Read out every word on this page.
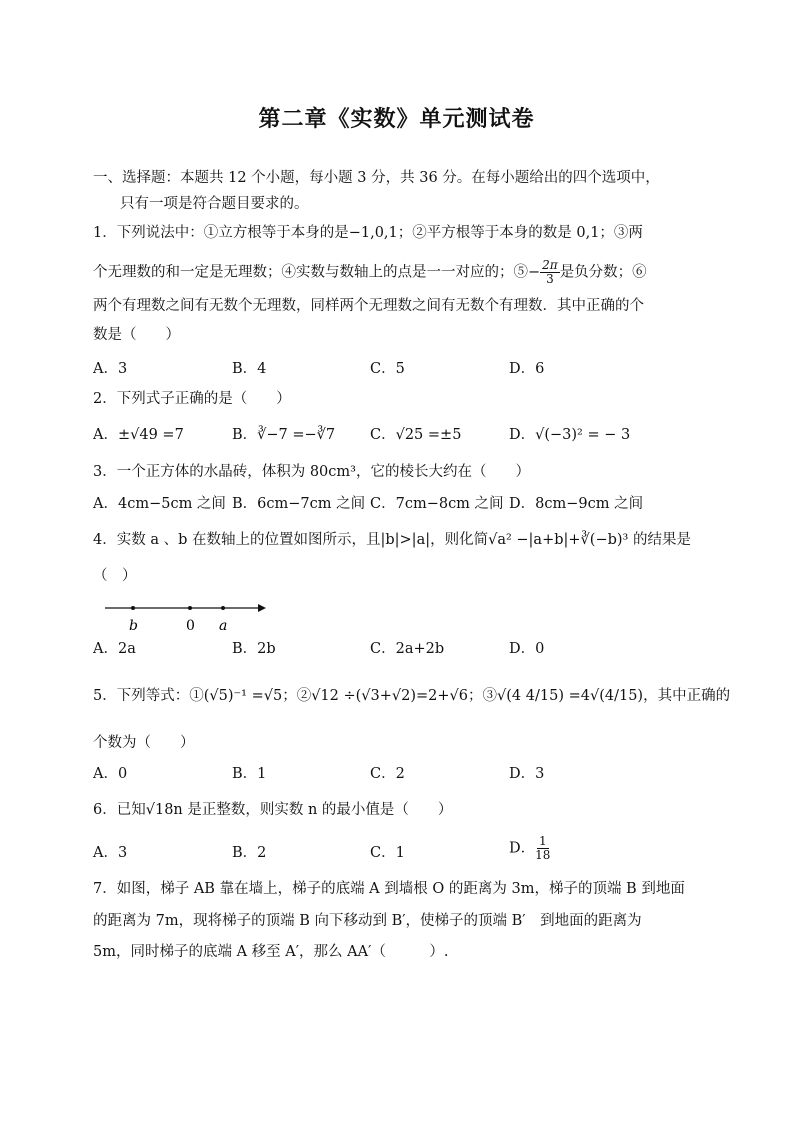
第二章《实数》单元测试卷
一、选择题：本题共 12 个小题，每小题 3 分，共 36 分。在每小题给出的四个选项中，
只有一项是符合题目要求的。
1．下列说法中：①立方根等于本身的是−1,0,1；②平方根等于本身的数是 0,1；③两
个无理数的和一定是无理数；④实数与数轴上的点是一一对应的；⑤− $\frac{2\pi}{3}$ 是负分数；⑥
两个有理数之间有无数个无理数，同样两个无理数之间有无数个有理数．其中正确的个
数是（　　）
A．3	B．4	C．5	D．6
2．下列式子正确的是（　　）
A．±√49 =7	B．∛−7 =−∛7 C．√25 =±5	D．√(−3)² = − 3
3．一个正方体的水晶砖，体积为 80cm³，它的棱长大约在（　　）
A．4cm−5cm 之间 B．6cm−7cm 之间 C．7cm−8cm 之间 D．8cm−9cm 之间
4．实数 a 、b 在数轴上的位置如图所示，且|b|>|a|，则化简√a² −|a+b|+∛(−b)³ 的结果是
（　）
b	0 a
A．2a	B．2b	C．2a+2b	D．0
5．下列等式：①(√5)⁻¹ =√5；②√12 ÷(√3+√2)=2+√6；③√(4 4/15) =4√(4/15)，其中正确的
个数为（　　）
A．0	B．1	C．2	D．3
6．已知√18n 是正整数，则实数 n 的最小值是（　　）
A．3	B．2	C．1	D． $\frac{1}{18}$
7．如图，梯子 AB 靠在墙上，梯子的底端 A 到墙根 O 的距离为 3m，梯子的顶端 B 到地面
的距离为 7m，现将梯子的顶端 B 向下移动到 B′，使梯子的顶端 B′　到地面的距离为
5m，同时梯子的底端 A 移至 A′，那么 AA′（　　　）.
